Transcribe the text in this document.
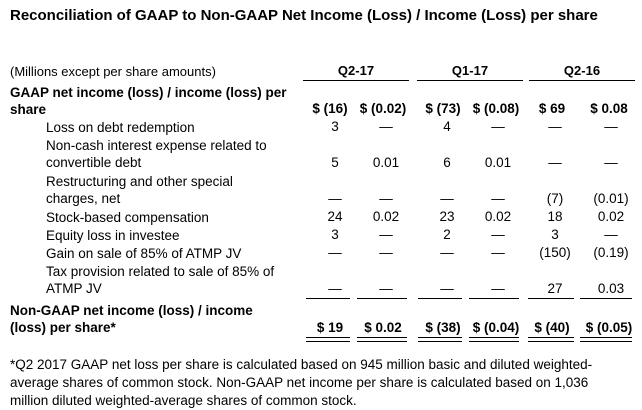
Reconciliation of GAAP to Non-GAAP Net Income (Loss) / Income (Loss) per share
(Millions except per share amounts)	Q2-17	Q1-17	Q2-16
GAAP net income (loss) / income (loss) per share	$ (16) $ (0.02)	$ (73) $ (0.08)	$ 69	$ 0.08
Loss on debt redemption	3	—	4	—	—	—
Non-cash interest expense related to convertible debt	5	0.01	6	0.01	—	—
Restructuring and other special charges, net	—	—	—	—	(7)	(0.01)
Stock-based compensation	24	0.02	23	0.02	18	0.02
Equity loss in investee	3	—	2	—	3	—
Gain on sale of 85% of ATMP JV	—	—	—	—	(150)	(0.19)
Tax provision related to sale of 85% of ATMP JV	—	—	—	—	27	0.03
Non-GAAP net income (loss) / income (loss) per share*	$ 19	$ 0.02	$ (38) $ (0.04)	$ (40)	$ (0.05)
*Q2 2017 GAAP net loss per share is calculated based on 945 million basic and diluted weighted-average shares of common stock. Non-GAAP net income per share is calculated based on 1,036 million diluted weighted-average shares of common stock.
